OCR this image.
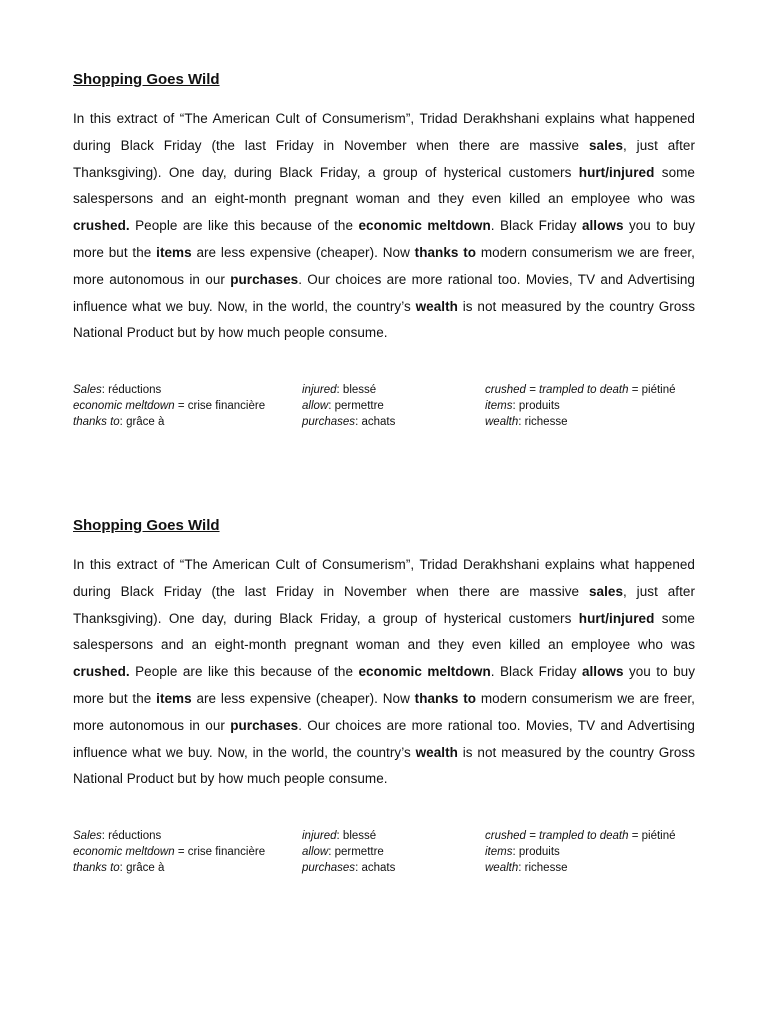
Shopping Goes Wild

In this extract of “The American Cult of Consumerism”, Tridad Derakhshani explains what happened during Black Friday (the last Friday in November when there are massive sales, just after Thanksgiving). One day, during Black Friday, a group of hysterical customers hurt/injured some salespersons and an eight-month pregnant woman and they even killed an employee who was crushed. People are like this because of the economic meltdown. Black Friday allows you to buy more but the items are less expensive (cheaper). Now thanks to modern consumerism we are freer, more autonomous in our purchases. Our choices are more rational too. Movies, TV and Advertising influence what we buy. Now, in the world, the country’s wealth is not measured by the country Gross National Product but by how much people consume.

Sales: réductions
economic meltdown = crise financière
thanks to: grâce à
injured: blessé
allow: permettre
purchases: achats
crushed = trampled to death = piétiné
items: produits
wealth: richesse
Shopping Goes Wild

In this extract of “The American Cult of Consumerism”, Tridad Derakhshani explains what happened during Black Friday (the last Friday in November when there are massive sales, just after Thanksgiving). One day, during Black Friday, a group of hysterical customers hurt/injured some salespersons and an eight-month pregnant woman and they even killed an employee who was crushed. People are like this because of the economic meltdown. Black Friday allows you to buy more but the items are less expensive (cheaper). Now thanks to modern consumerism we are freer, more autonomous in our purchases. Our choices are more rational too. Movies, TV and Advertising influence what we buy. Now, in the world, the country’s wealth is not measured by the country Gross National Product but by how much people consume.

Sales: réductions
economic meltdown = crise financière
thanks to: grâce à
injured: blessé
allow: permettre
purchases: achats
crushed = trampled to death = piétiné
items: produits
wealth: richesse
